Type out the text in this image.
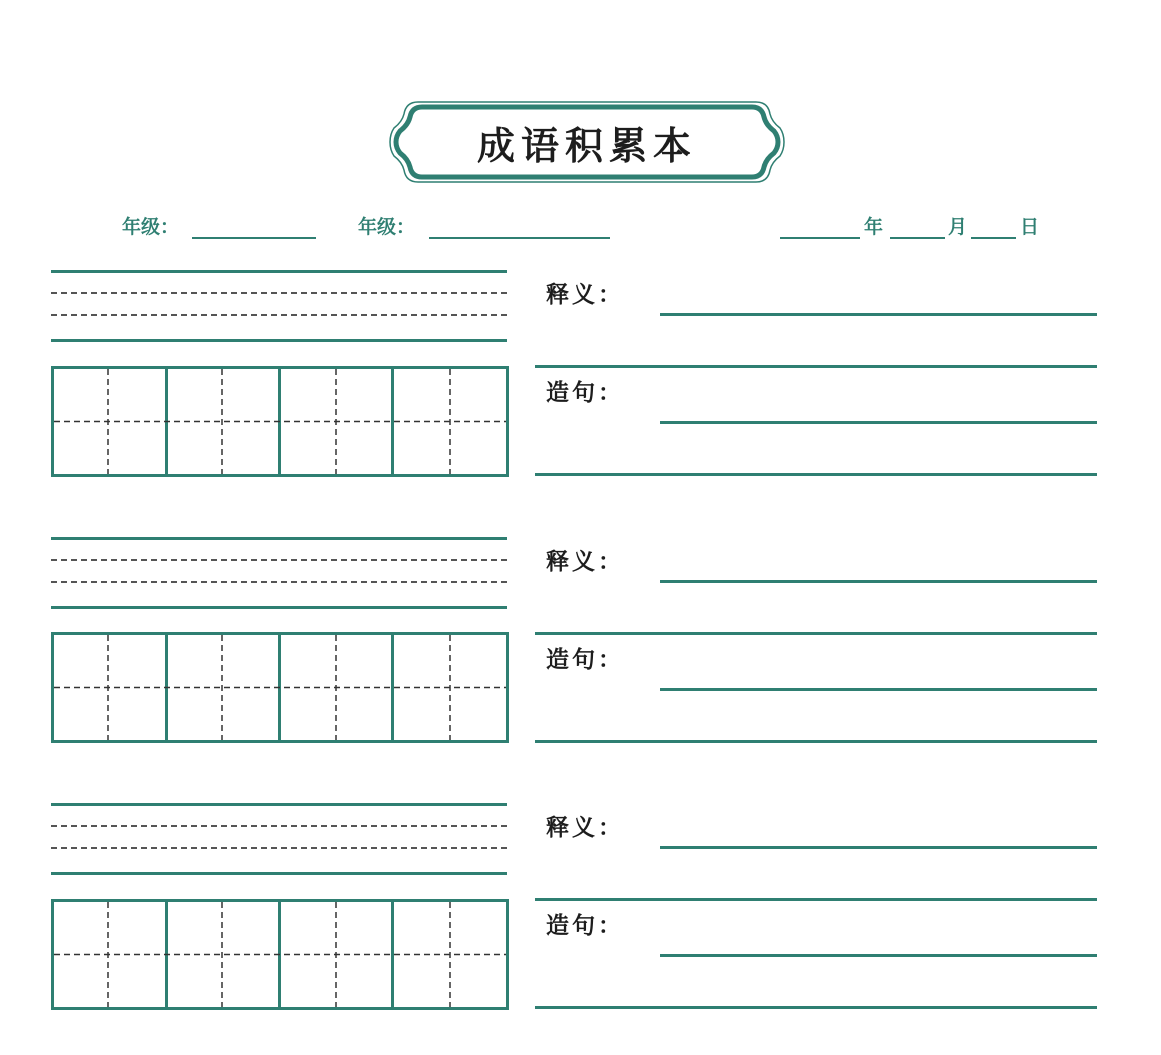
成语积累本
年级：	年级：	年	月	日
释义：
造句：
释义：
造句：
释义：
造句：
